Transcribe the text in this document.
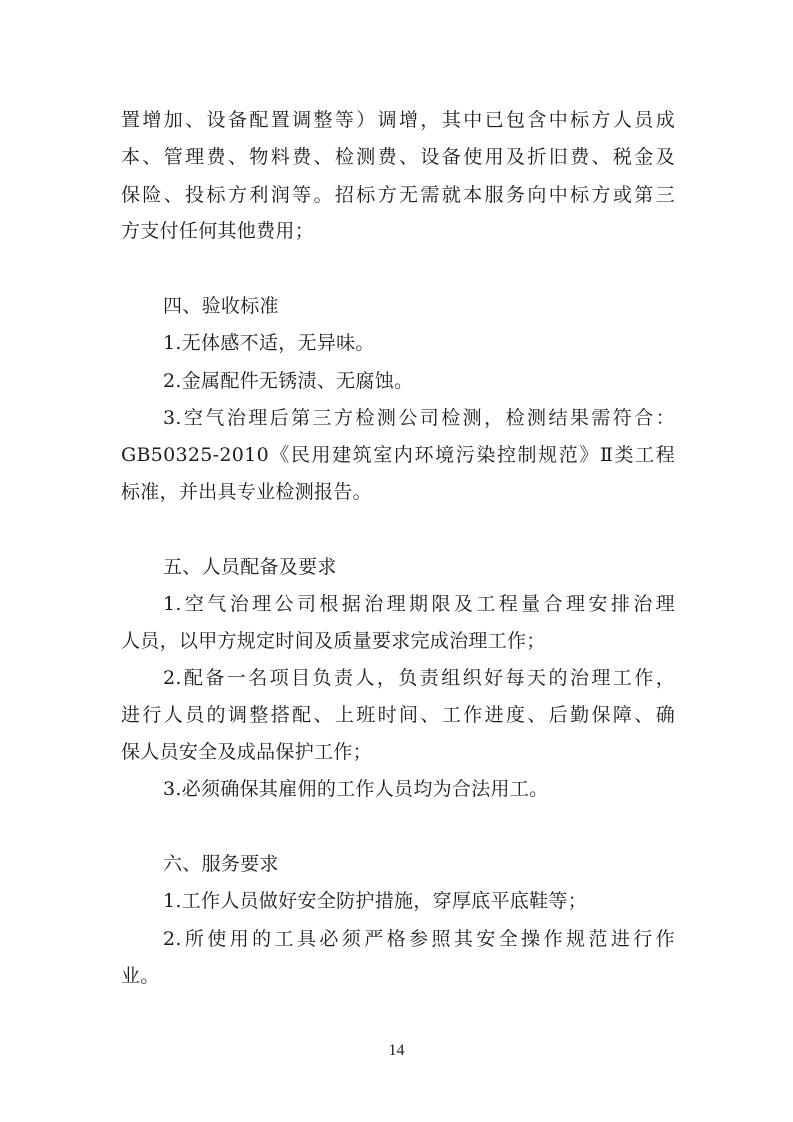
置增加、设备配置调整等）调增，其中已包含中标方人员成
本、管理费、物料费、检测费、设备使用及折旧费、税金及
保险、投标方利润等。招标方无需就本服务向中标方或第三
方支付任何其他费用；
四、验收标准
1.无体感不适，无异味。
2.金属配件无锈渍、无腐蚀。
3.空气治理后第三方检测公司检测，检测结果需符合：
GB50325-2010《民用建筑室内环境污染控制规范》Ⅱ类工程
标准，并出具专业检测报告。
五、人员配备及要求
1.空气治理公司根据治理期限及工程量合理安排治理
人员，以甲方规定时间及质量要求完成治理工作；
2.配备一名项目负责人，负责组织好每天的治理工作，
进行人员的调整搭配、上班时间、工作进度、后勤保障、确
保人员安全及成品保护工作；
3.必须确保其雇佣的工作人员均为合法用工。
六、服务要求
1.工作人员做好安全防护措施，穿厚底平底鞋等；
2.所使用的工具必须严格参照其安全操作规范进行作
业。
14
